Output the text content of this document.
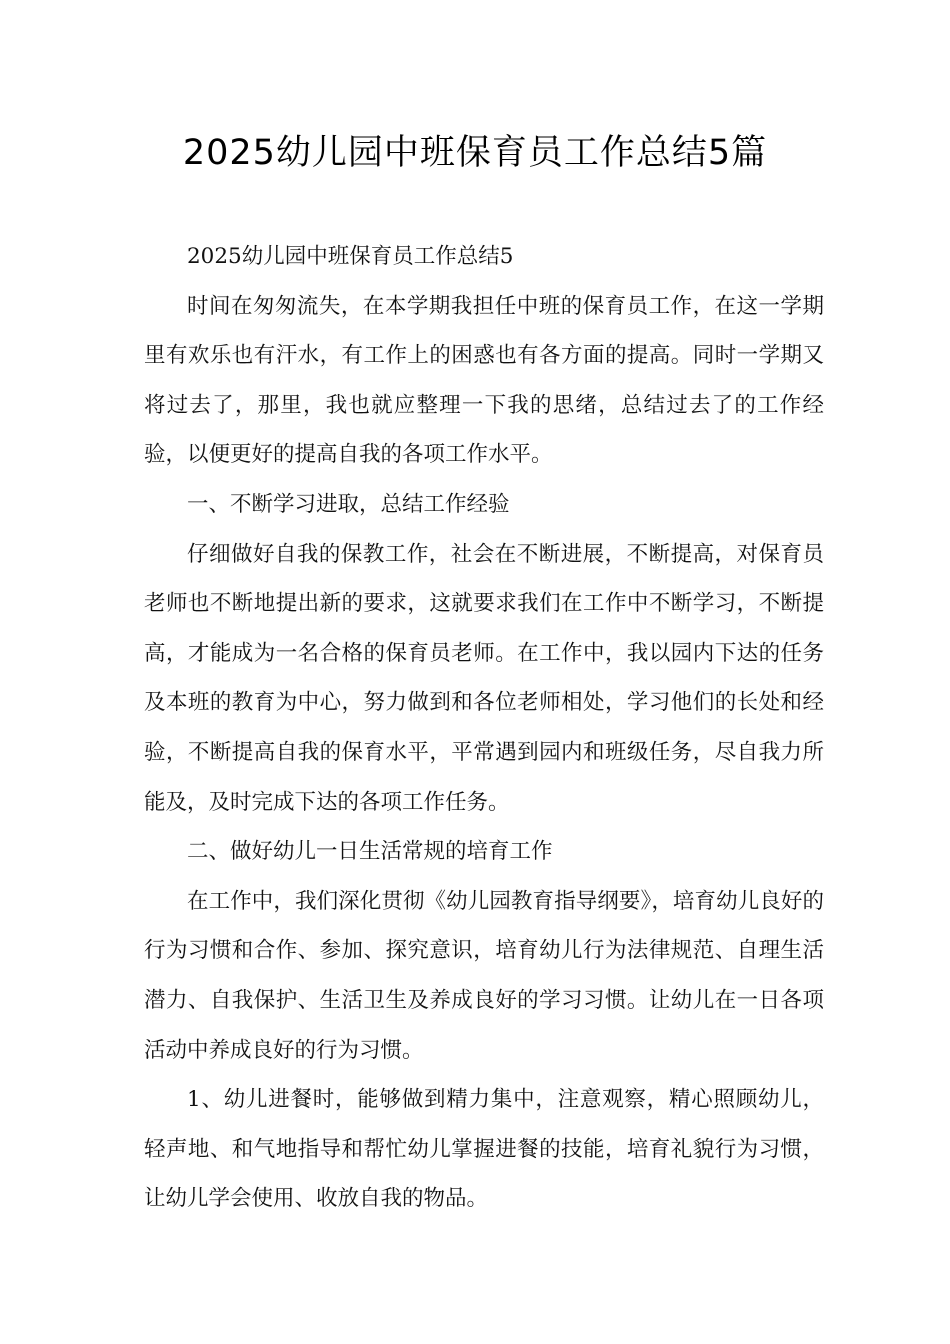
2025幼儿园中班保育员工作总结5篇

2025幼儿园中班保育员工作总结5

时间在匆匆流失，在本学期我担任中班的保育员工作，在这一学期里有欢乐也有汗水，有工作上的困惑也有各方面的提高。同时一学期又将过去了，那里，我也就应整理一下我的思绪，总结过去了的工作经验，以便更好的提高自我的各项工作水平。

一、不断学习进取，总结工作经验

仔细做好自我的保教工作，社会在不断进展，不断提高，对保育员老师也不断地提出新的要求，这就要求我们在工作中不断学习，不断提高，才能成为一名合格的保育员老师。在工作中，我以园内下达的任务及本班的教育为中心，努力做到和各位老师相处，学习他们的长处和经验，不断提高自我的保育水平，平常遇到园内和班级任务，尽自我力所能及，及时完成下达的各项工作任务。

二、做好幼儿一日生活常规的培育工作

在工作中，我们深化贯彻《幼儿园教育指导纲要》，培育幼儿良好的行为习惯和合作、参加、探究意识，培育幼儿行为法律规范、自理生活潜力、自我保护、生活卫生及养成良好的学习习惯。让幼儿在一日各项活动中养成良好的行为习惯。

1、幼儿进餐时，能够做到精力集中，注意观察，精心照顾幼儿，轻声地、和气地指导和帮忙幼儿掌握进餐的技能，培育礼貌行为习惯，让幼儿学会使用、收放自我的物品。
